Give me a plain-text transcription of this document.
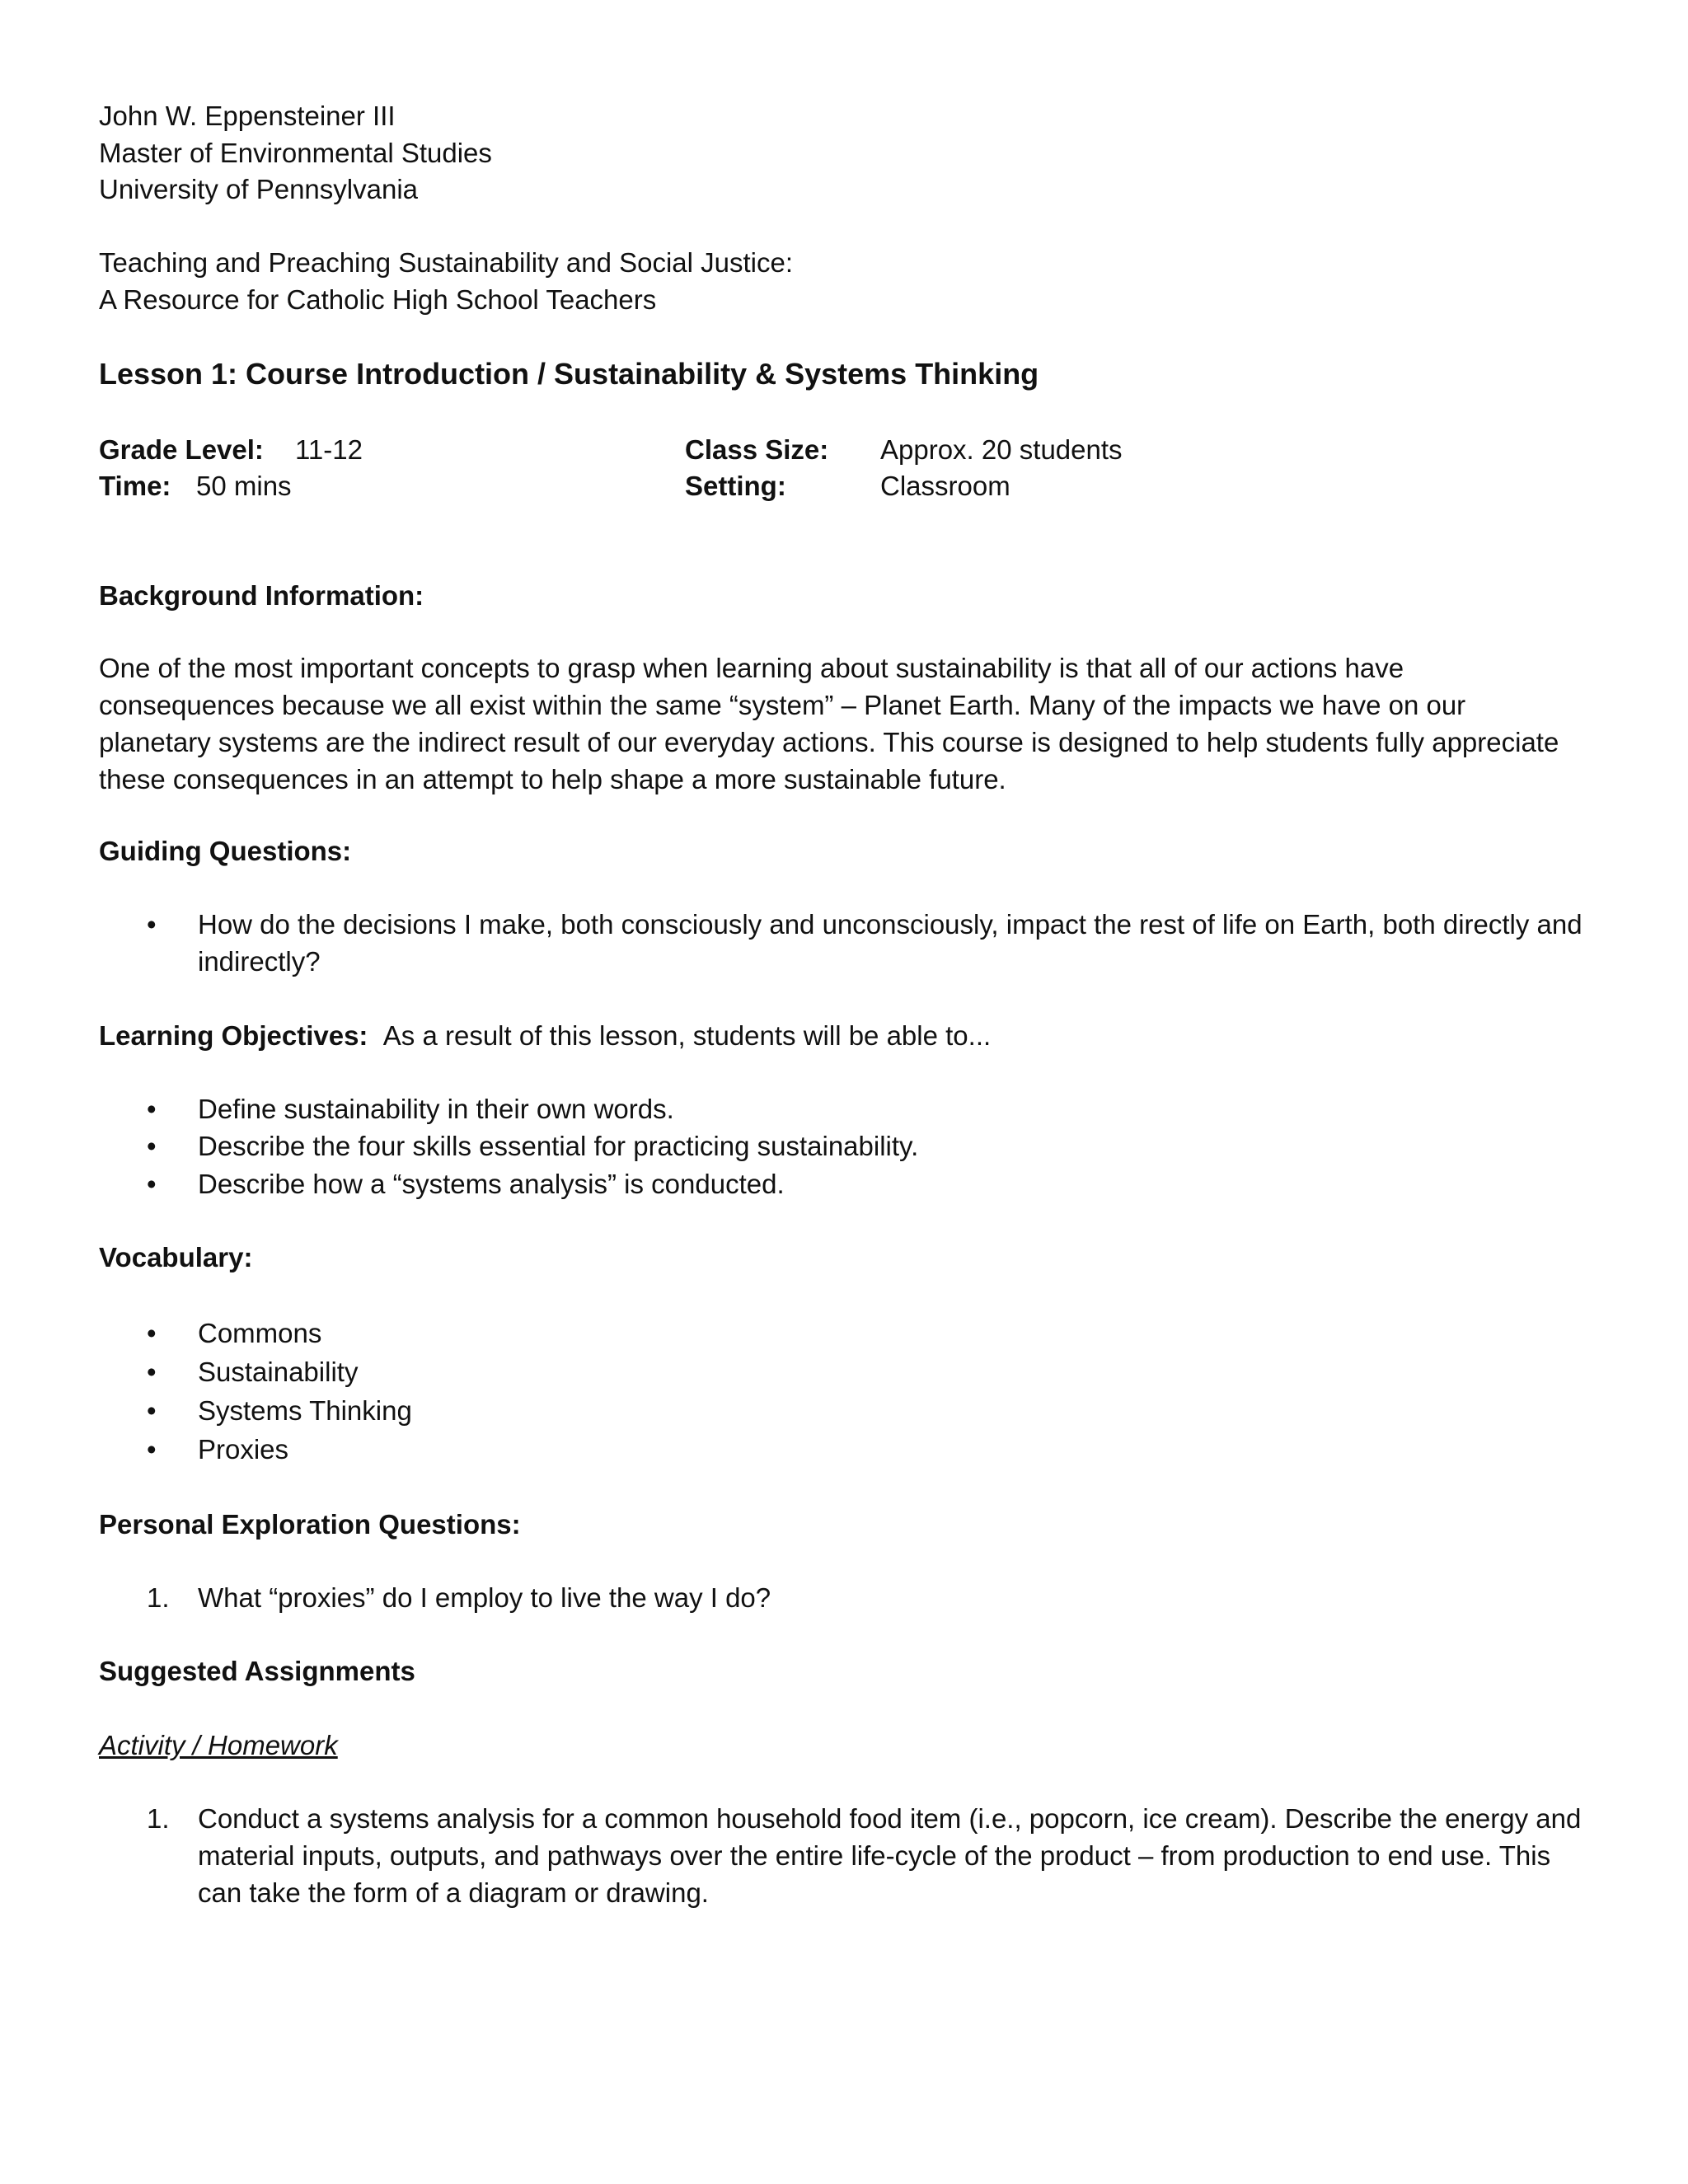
John W. Eppensteiner III
Master of Environmental Studies
University of Pennsylvania
Teaching and Preaching Sustainability and Social Justice:
A Resource for Catholic High School Teachers
Lesson 1: Course Introduction / Sustainability & Systems Thinking
Grade Level: 11-12
Time: 50 mins
Class Size: Approx. 20 students
Setting:	Classroom
Background Information:
One of the most important concepts to grasp when learning about sustainability is that all of our actions have consequences because we all exist within the same “system” – Planet Earth. Many of the impacts we have on our planetary systems are the indirect result of our everyday actions. This course is designed to help students fully appreciate these consequences in an attempt to help shape a more sustainable future.
Guiding Questions:
• How do the decisions I make, both consciously and unconsciously, impact the rest of life on Earth, both directly and indirectly?
Learning Objectives: As a result of this lesson, students will be able to...
• Define sustainability in their own words.
• Describe the four skills essential for practicing sustainability.
• Describe how a “systems analysis” is conducted.
Vocabulary:
• Commons
• Sustainability
• Systems Thinking
• Proxies
Personal Exploration Questions:
1. What “proxies” do I employ to live the way I do?
Suggested Assignments
Activity / Homework
1. Conduct a systems analysis for a common household food item (i.e., popcorn, ice cream). Describe the energy and material inputs, outputs, and pathways over the entire life-cycle of the product – from production to end use. This can take the form of a diagram or drawing.
